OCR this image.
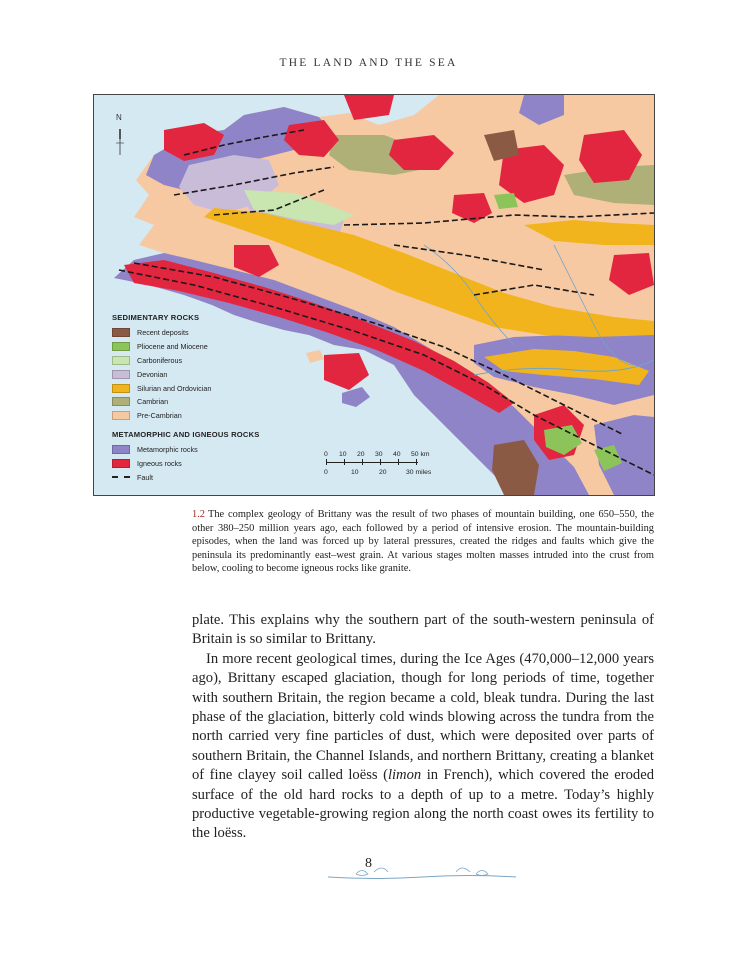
THE LAND AND THE SEA
N
SEDIMENTARY ROCKS
Recent deposits
Pliocene and Miocene
Carboniferous
Devonian
Silurian and Ordovician
Cambrian
Pre-Cambrian
METAMORPHIC AND IGNEOUS ROCKS
Metamorphic rocks
Igneous rocks
Fault
0 10 20 30 40 50 km
0	10	20	30 miles
1.2 The complex geology of Brittany was the result of two phases of mountain building, one 650–550, the other 380–250 million years ago, each followed by a period of intensive erosion. The mountain-building episodes, when the land was forced up by lateral pressures, created the ridges and faults which give the peninsula its predominantly east–west grain. At various stages molten masses intruded into the crust from below, cooling to become igneous rocks like granite.

plate. This explains why the southern part of the south-western peninsula of Britain is so similar to Brittany.

In more recent geological times, during the Ice Ages (470,000–12,000 years ago), Brittany escaped glaciation, though for long periods of time, together with southern Britain, the region became a cold, bleak tundra. During the last phase of the glaciation, bitterly cold winds blowing across the tundra from the north carried very fine particles of dust, which were deposited over parts of southern Britain, the Channel Islands, and northern Brittany, creating a blanket of fine clayey soil called loëss (limon in French), which covered the eroded surface of the old hard rocks to a depth of up to a metre. Today’s highly productive vegetable-growing region along the north coast owes its fertility to the loëss.

8
